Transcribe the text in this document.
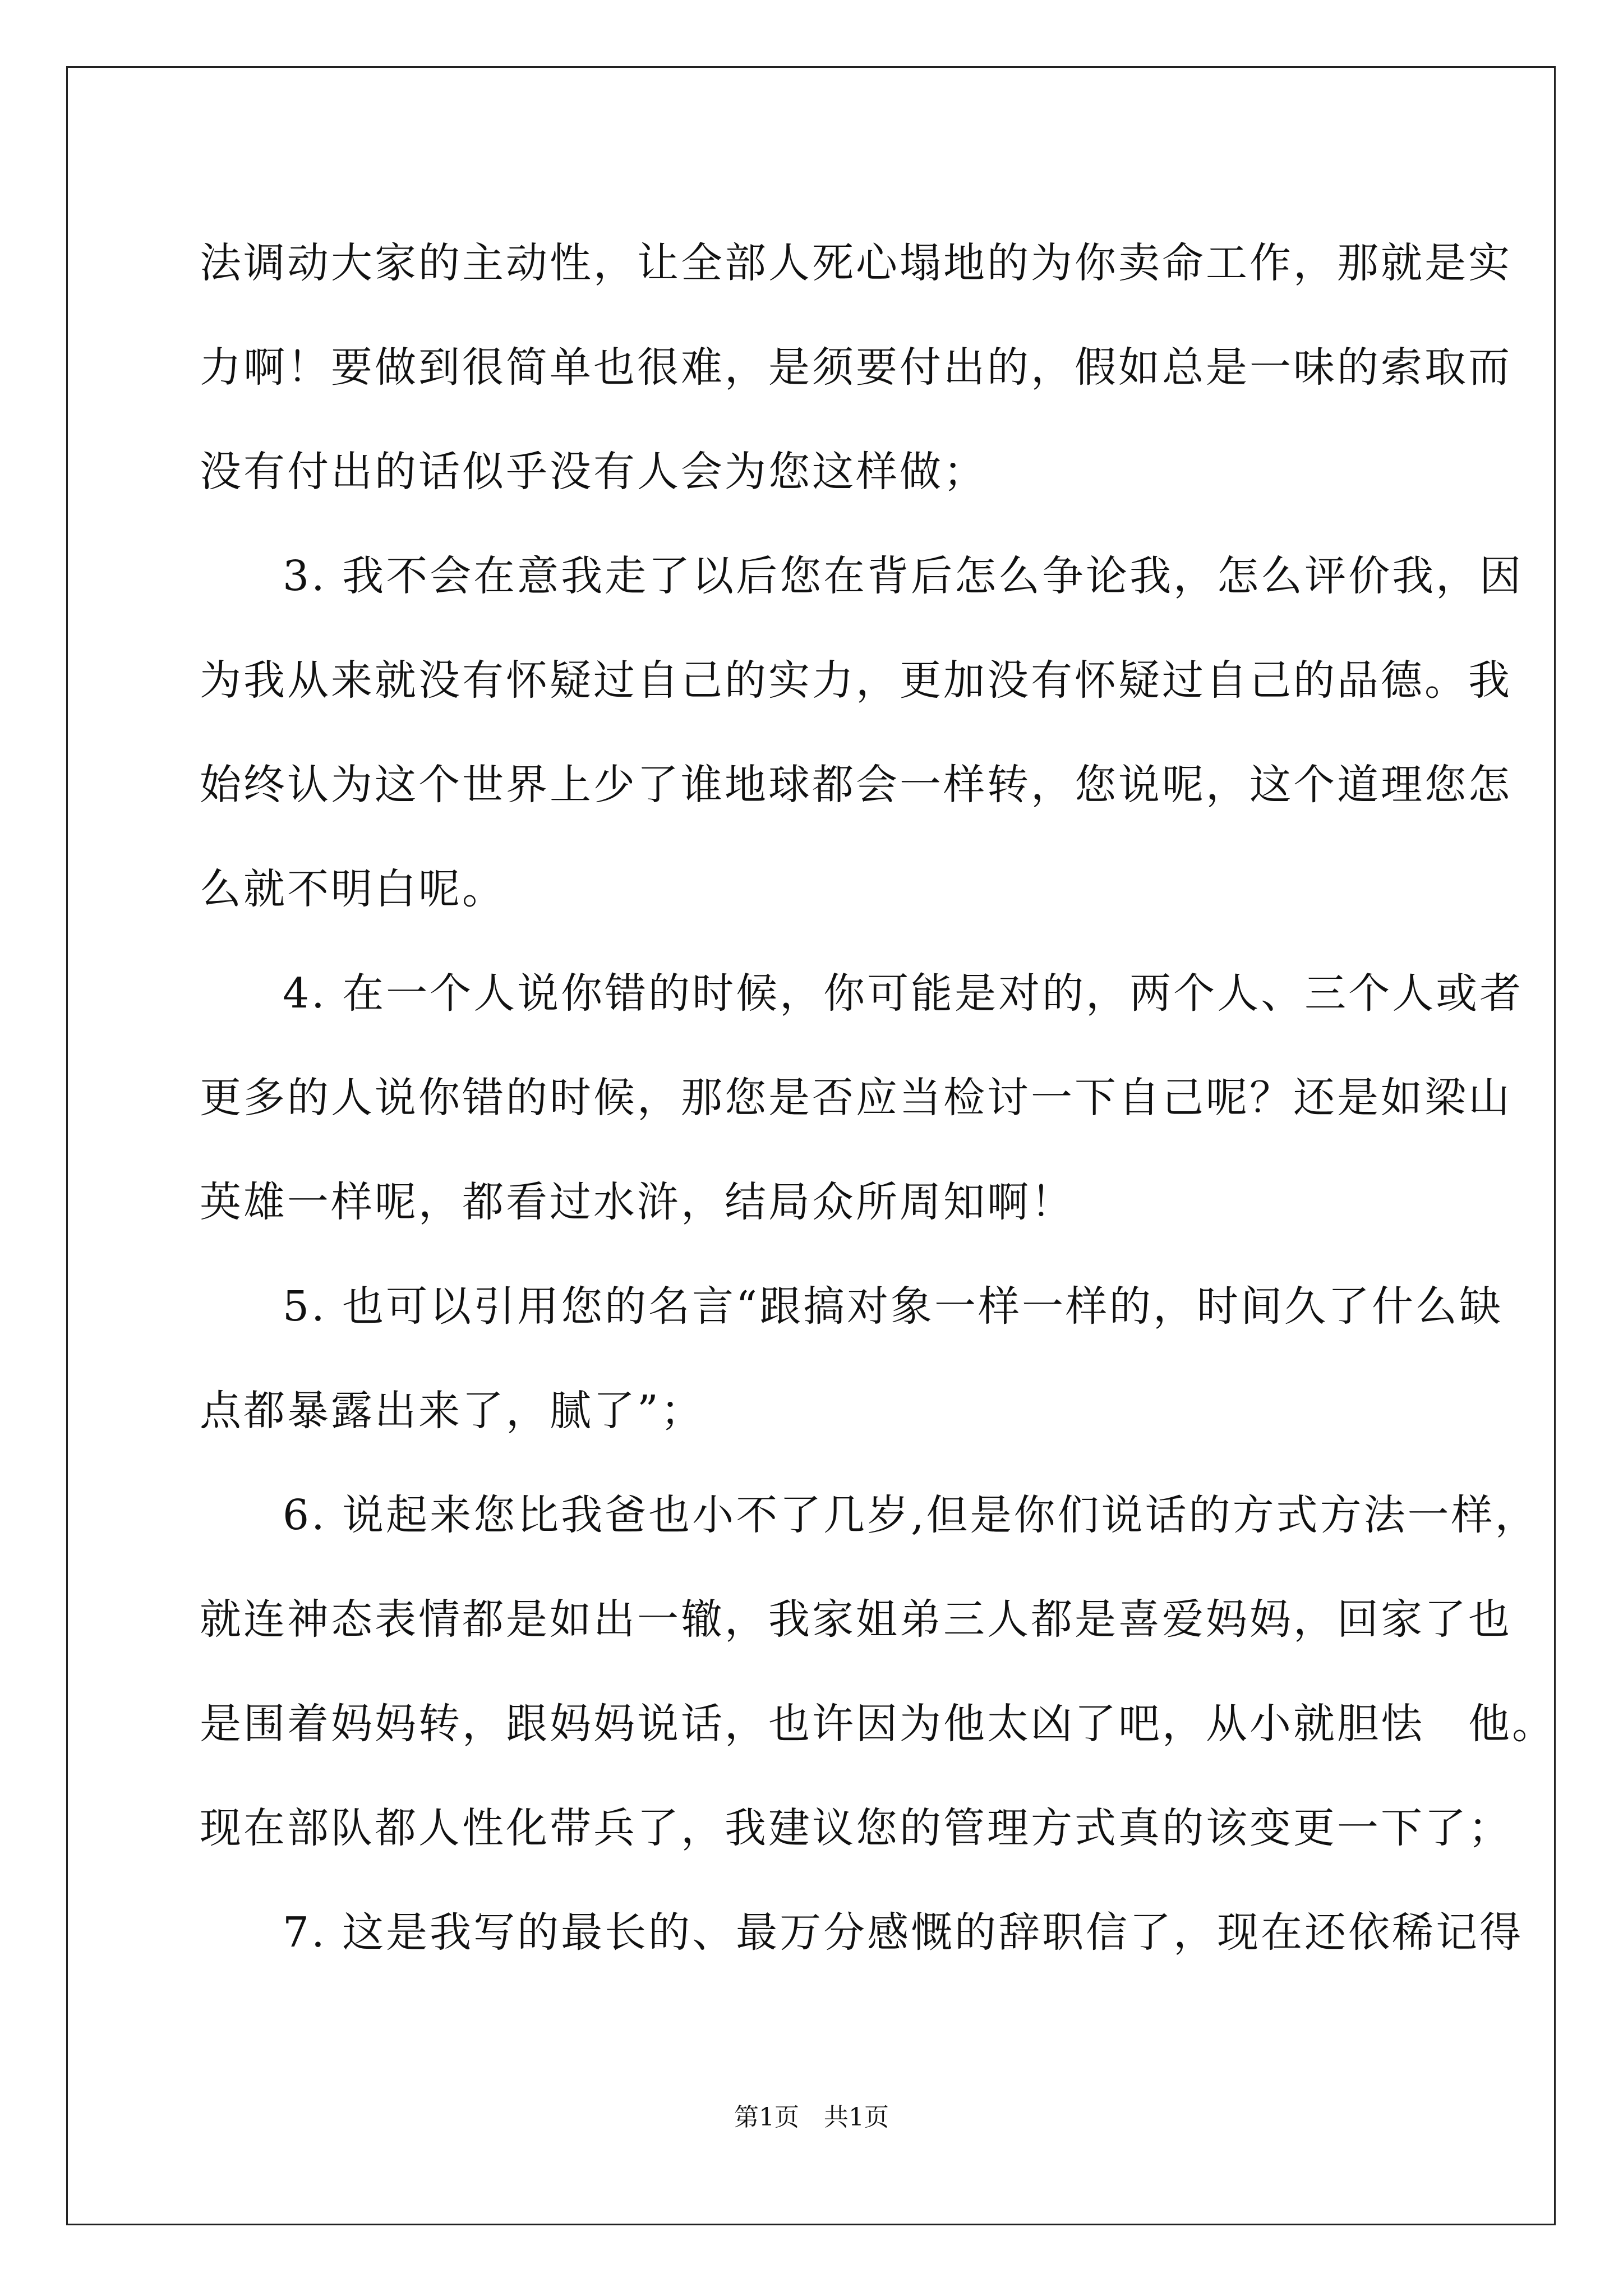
法调动大家的主动性，让全部人死心塌地的为你卖命工作，那就是实
力啊！要做到很简单也很难，是须要付出的，假如总是一味的索取而
没有付出的话似乎没有人会为您这样做；
3. 我不会在意我走了以后您在背后怎么争论我，怎么评价我，因
为我从来就没有怀疑过自己的实力，更加没有怀疑过自己的品德。我
始终认为这个世界上少了谁地球都会一样转，您说呢，这个道理您怎
么就不明白呢。
4. 在一个人说你错的时候，你可能是对的，两个人、三个人或者
更多的人说你错的时候，那您是否应当检讨一下自己呢？还是如梁山
英雄一样呢，都看过水浒，结局众所周知啊！
5. 也可以引用您的名言“跟搞对象一样一样的，时间久了什么缺
点都暴露出来了，腻了”；
6. 说起来您比我爸也小不了几岁,但是你们说话的方式方法一样，
就连神态表情都是如出一辙，我家姐弟三人都是喜爱妈妈，回家了也
是围着妈妈转，跟妈妈说话，也许因为他太凶了吧，从小就胆怯　他。
现在部队都人性化带兵了，我建议您的管理方式真的该变更一下了；
7. 这是我写的最长的、最万分感慨的辞职信了，现在还依稀记得
第1页　共1页
